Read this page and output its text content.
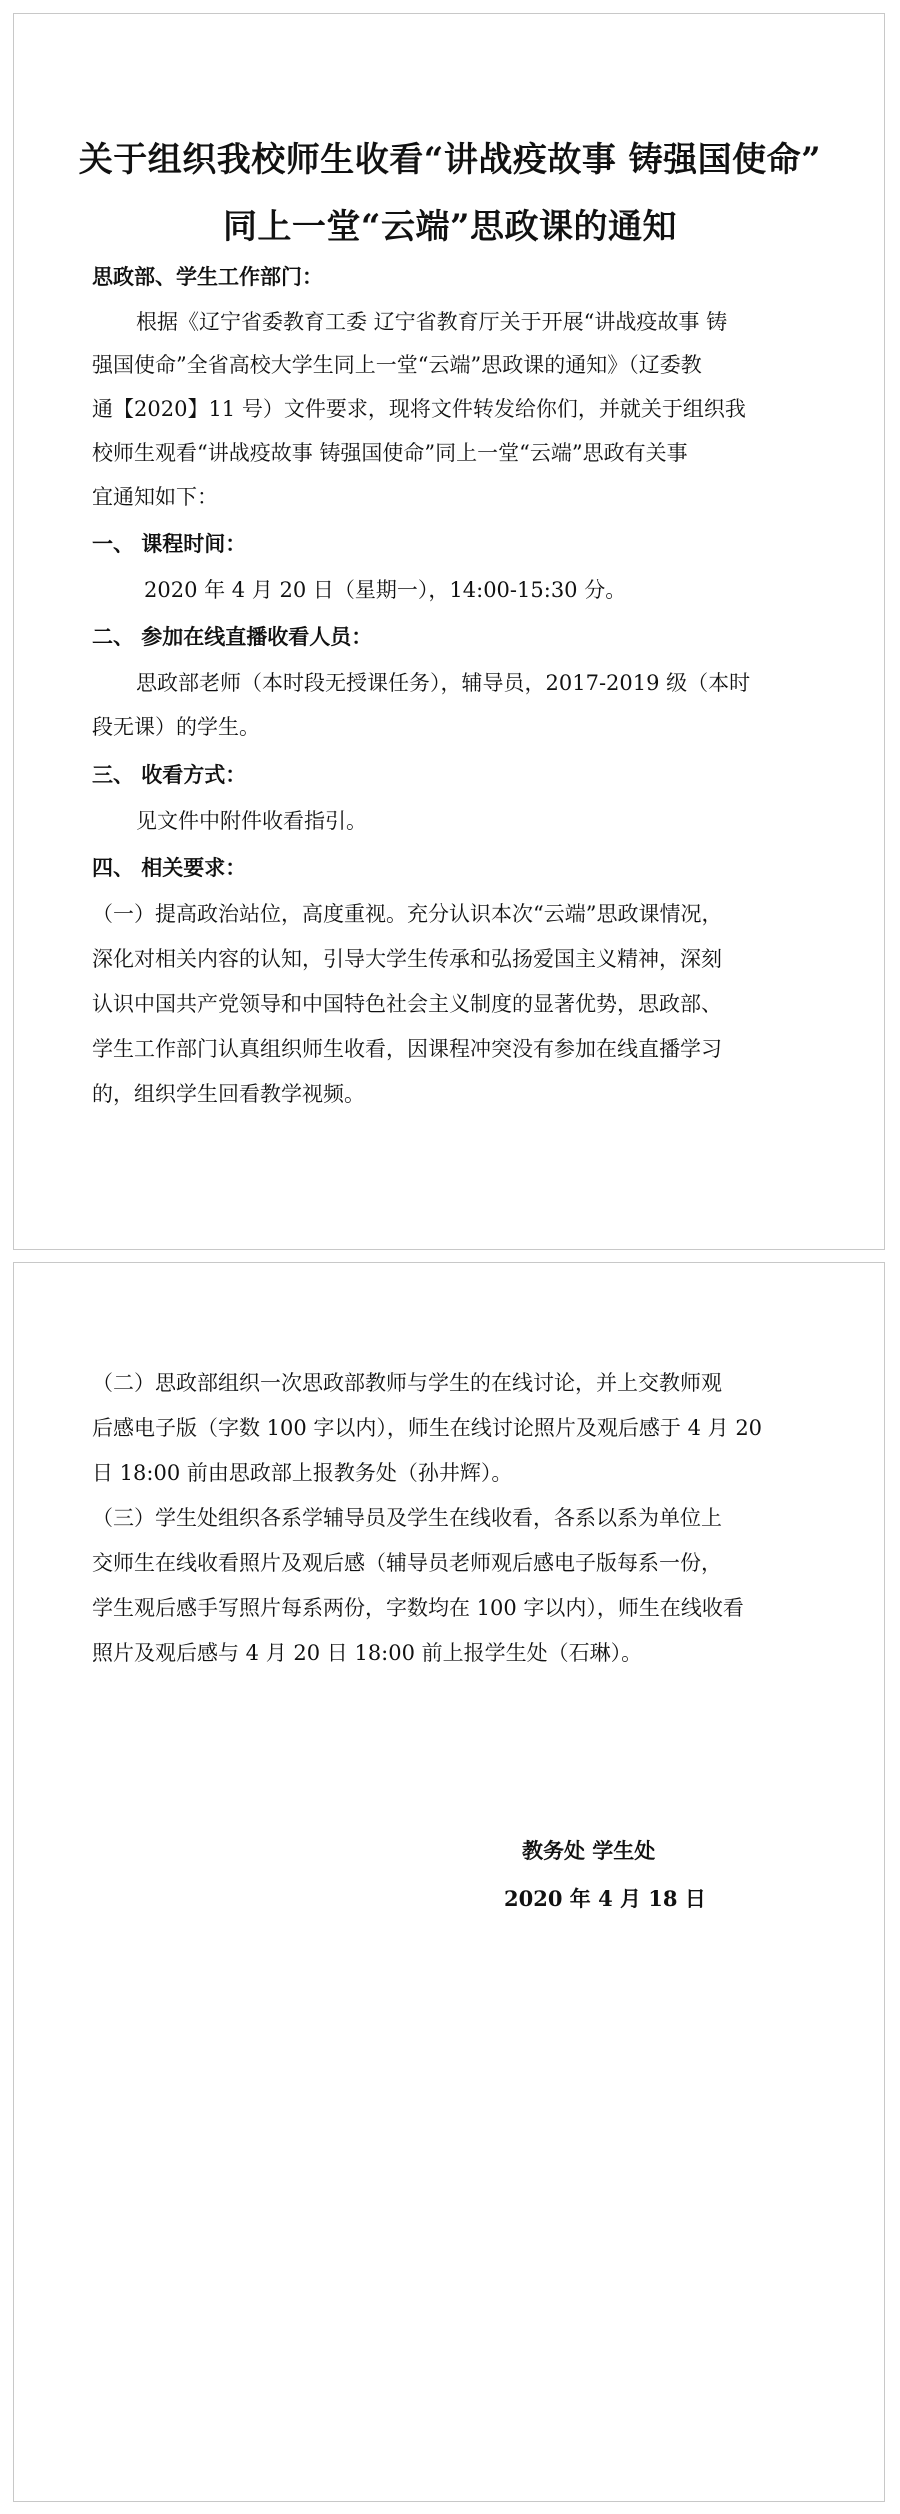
关于组织我校师生收看“讲战疫故事 铸强国使命”
同上一堂“云端”思政课的通知
思政部、学生工作部门：
根据《辽宁省委教育工委 辽宁省教育厅关于开展“讲战疫故事 铸
强国使命”全省高校大学生同上一堂“云端”思政课的通知》（辽委教
通【2020】11 号）文件要求，现将文件转发给你们，并就关于组织我
校师生观看“讲战疫故事 铸强国使命”同上一堂“云端”思政有关事
宜通知如下：
一、 课程时间：
2020 年 4 月 20 日（星期一），14:00-15:30 分。
二、 参加在线直播收看人员：
思政部老师（本时段无授课任务），辅导员，2017-2019 级（本时
段无课）的学生。
三、 收看方式：
见文件中附件收看指引。
四、 相关要求：
（一）提高政治站位，高度重视。充分认识本次“云端”思政课情况，
深化对相关内容的认知，引导大学生传承和弘扬爱国主义精神，深刻
认识中国共产党领导和中国特色社会主义制度的显著优势，思政部、
学生工作部门认真组织师生收看，因课程冲突没有参加在线直播学习
的，组织学生回看教学视频。
（二）思政部组织一次思政部教师与学生的在线讨论，并上交教师观
后感电子版（字数 100 字以内），师生在线讨论照片及观后感于 4 月 20
日 18:00 前由思政部上报教务处（孙井辉）。
（三）学生处组织各系学辅导员及学生在线收看，各系以系为单位上
交师生在线收看照片及观后感（辅导员老师观后感电子版每系一份，
学生观后感手写照片每系两份，字数均在 100 字以内），师生在线收看
照片及观后感与 4 月 20 日 18:00 前上报学生处（石琳）。
教务处 学生处
2020 年 4 月 18 日
